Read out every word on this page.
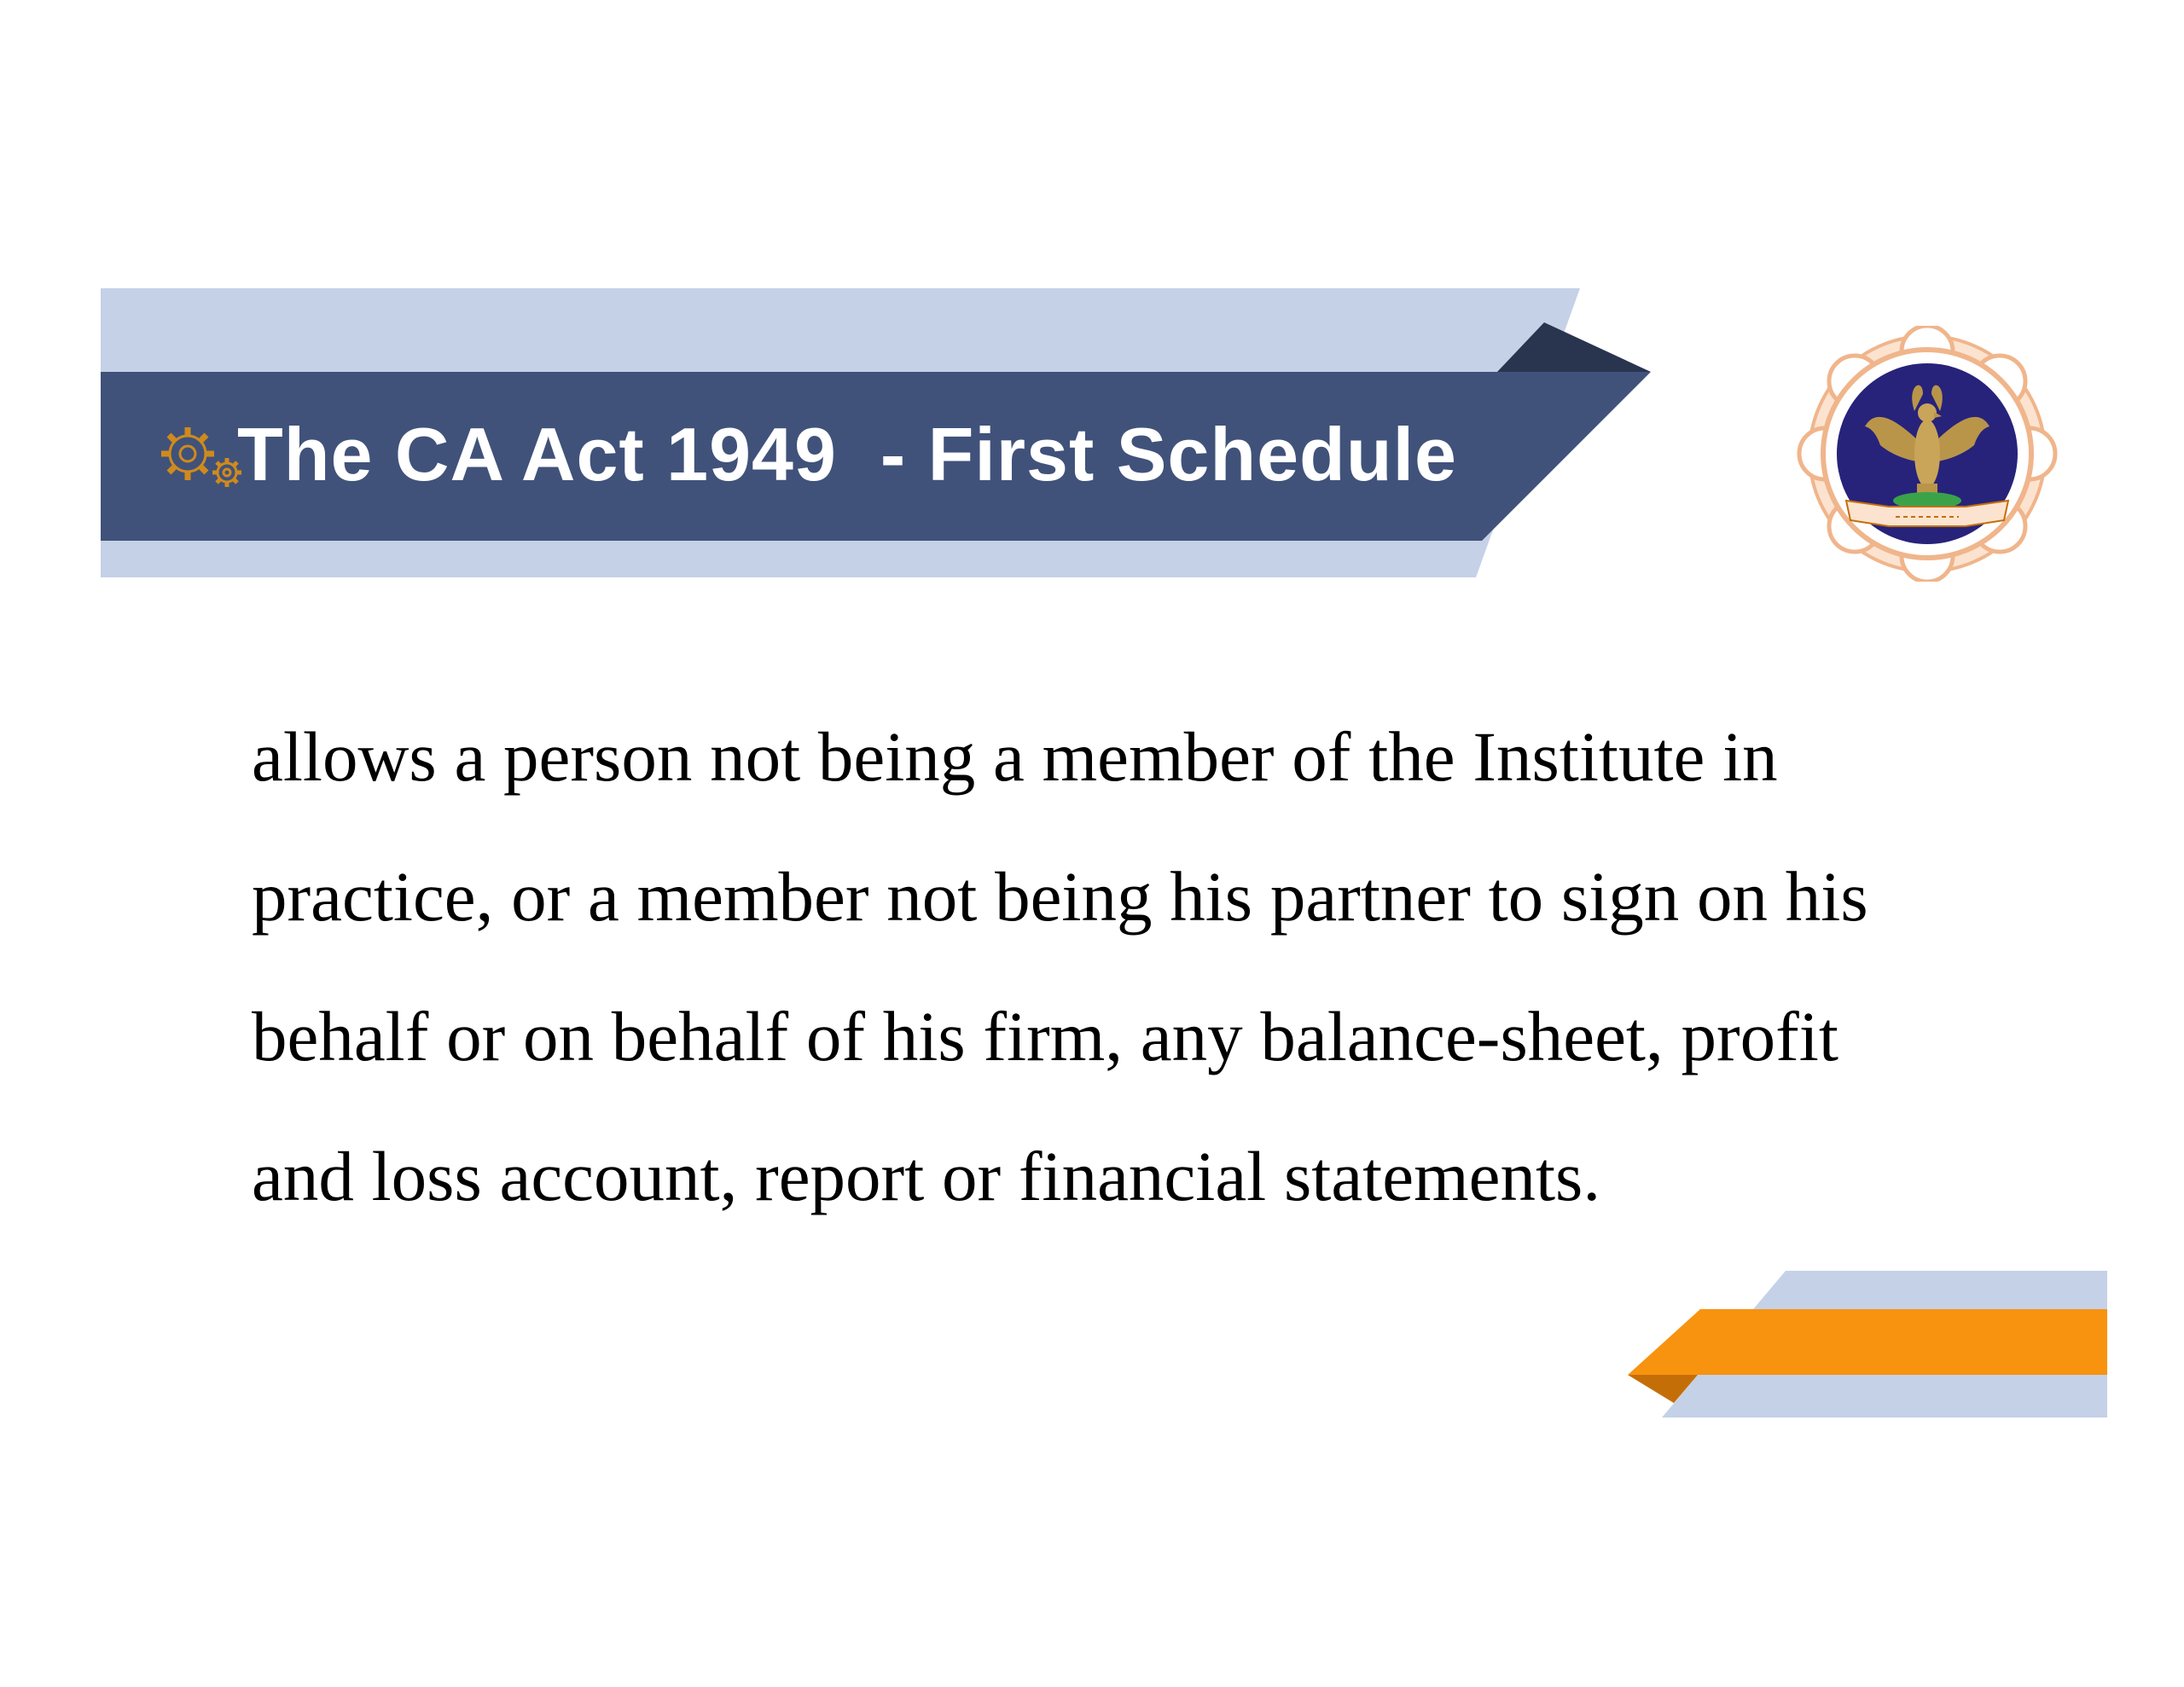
The CA Act 1949  - First Schedule
allows a person not being a member of the Institute in
practice, or a member not being his partner to sign on his
behalf or on behalf of his firm, any balance-sheet, profit
and loss account, report or financial statements.
